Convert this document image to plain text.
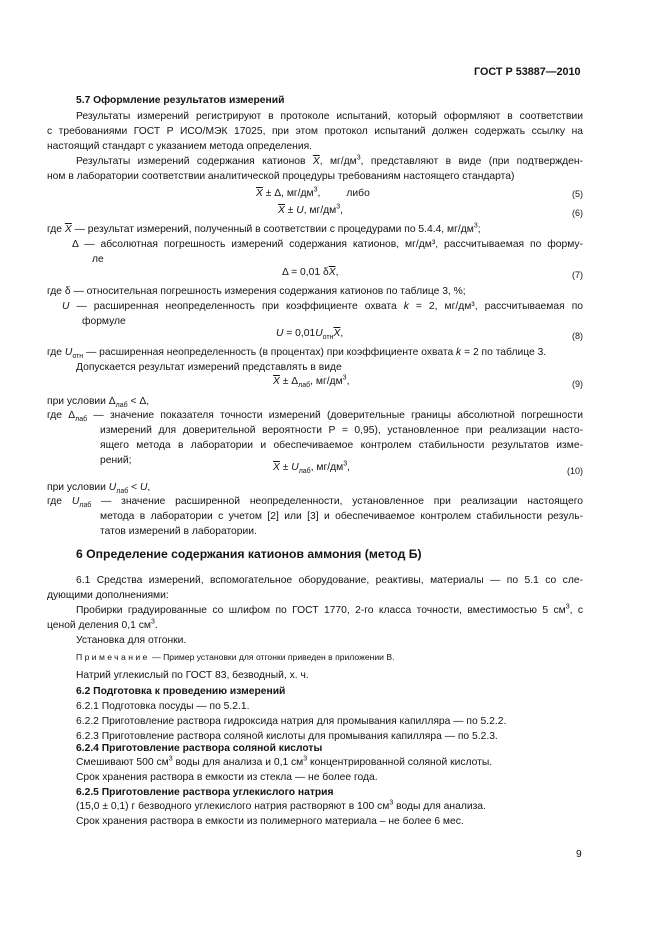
ГОСТ Р 53887—2010
5.7 Оформление результатов измерений
Результаты измерений регистрируют в протоколе испытаний, который оформляют в соответствии
с требованиями ГОСТ Р ИСО/МЭК 17025, при этом протокол испытаний должен содержать ссылку на
настоящий стандарт с указанием метода определения.
Результаты измерений содержания катионов $\overline{X}$, $мг/дм^3$, представляют в виде (при подтвержден-
ном в лаборатории соответствии аналитической процедуры требованиям настоящего стандарта)
$\overline{X} \pm \Delta$, $мг/дм^3$,	либо	(5)
$\overline{X} \pm U$, $мг/дм^3$,	(6)
где $\overline{X}$ — результат измерений, полученный в соответствии с процедурами по 5.4.4, $мг/дм^3$;
Δ — абсолютная погрешность измерений содержания катионов, мг/дм³, рассчитываемая по форму-
ле
Δ = 0,01 $\delta\overline{X}$,	(7)
где δ — относительная погрешность измерения содержания катионов по таблице 3, %;
U — расширенная неопределенность при коэффициенте охвата k = 2, мг/дм³, рассчитываемая по
формуле
$U = 0,01U_{отн}\overline{X}$,	(8)
где $U_{отн}$ — расширенная неопределенность (в процентах) при коэффициенте охвата k = 2 по таблице 3.
Допускается результат измерений представлять в виде
$\overline{X} \pm \Delta_{лаб}$, $мг/дм^3$,	(9)
при условии $\Delta_{лаб} < \Delta$,
где $\Delta_{лаб}$ — значение показателя точности измерений (доверительные границы абсолютной погрешности
измерений для доверительной вероятности P = 0,95), установленное при реализации насто-
ящего метода в лаборатории и обеспечиваемое контролем стабильности результатов изме-
рений;
$\overline{X} \pm U_{лаб}$, $мг/дм^3$,	(10)
при условии $U_{лаб} < U$,
где $U_{лаб}$ — значение расширенной неопределенности, установленное при реализации настоящего
метода в лаборатории с учетом [2] или [3] и обеспечиваемое контролем стабильности резуль-
татов измерений в лаборатории.
6 Определение содержания катионов аммония (метод Б)
6.1 Средства измерений, вспомогательное оборудование, реактивы, материалы — по 5.1 со сле-
дующими дополнениями:
Пробирки градуированные со шлифом по ГОСТ 1770, 2-го класса точности, вместимостью 5 $см^3$, с
ценой деления 0,1 $см^3$.
Установка для отгонки.
Примечание — Пример установки для отгонки приведен в приложении В.
Натрий углекислый по ГОСТ 83, безводный, х. ч.
6.2 Подготовка к проведению измерений
6.2.1 Подготовка посуды — по 5.2.1.
6.2.2 Приготовление раствора гидроксида натрия для промывания капилляра — по 5.2.2.
6.2.3 Приготовление раствора соляной кислоты для промывания капилляра — по 5.2.3.
6.2.4 Приготовление раствора соляной кислоты
Смешивают 500 $см^3$ воды для анализа и 0,1 $см^3$ концентрированной соляной кислоты.
Срок хранения раствора в емкости из стекла — не более года.
6.2.5 Приготовление раствора углекислого натрия
(15,0 ± 0,1) г безводного углекислого натрия растворяют в 100 $см^3$ воды для анализа.
Срок хранения раствора в емкости из полимерного материала – не более 6 мес.
9
